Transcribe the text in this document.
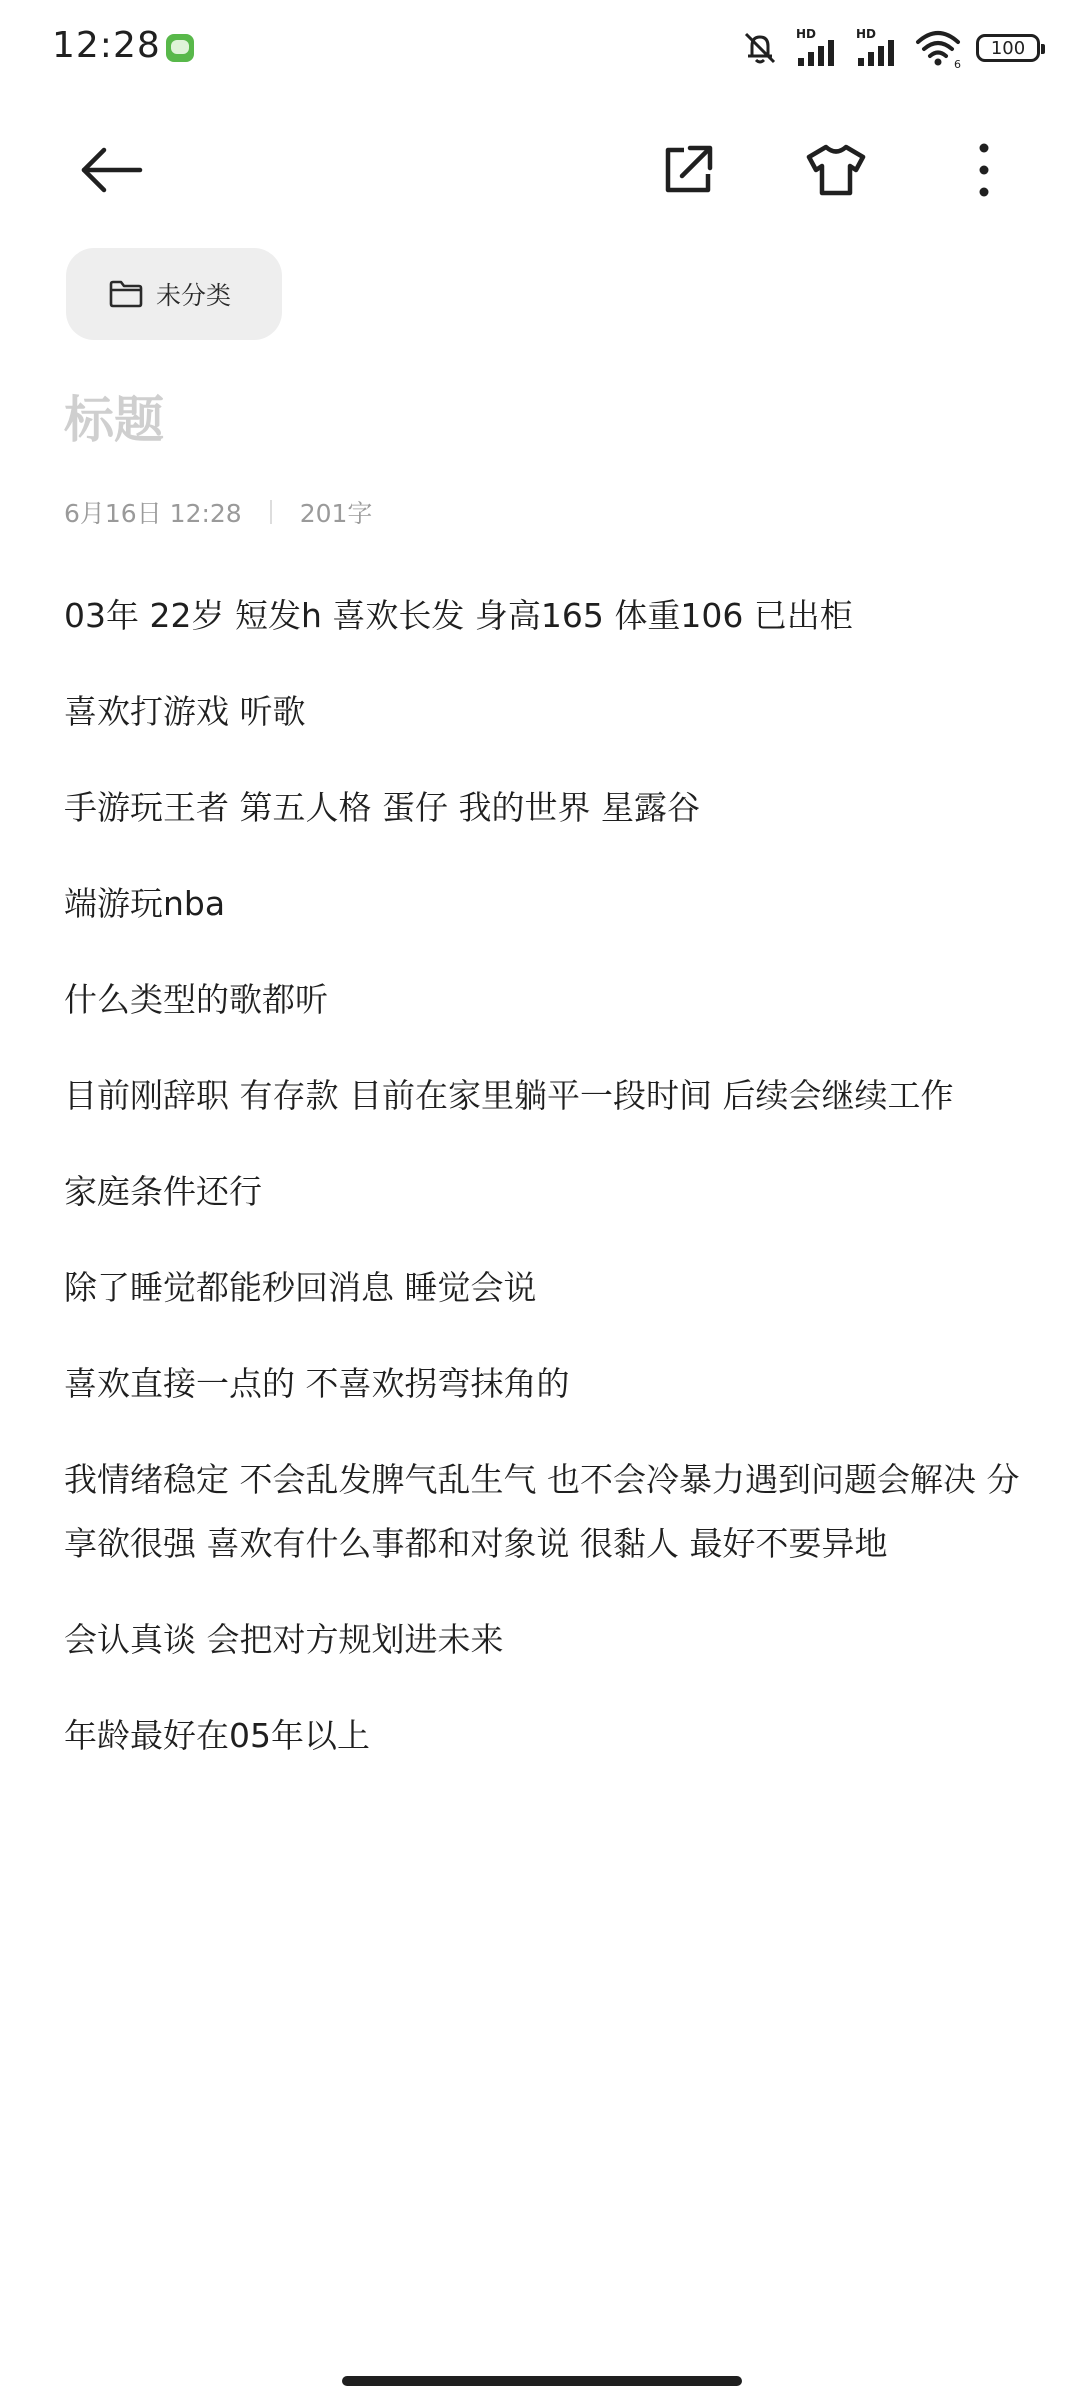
12:28	HD	HD
6
100
未分类
标题
6月16日 12:28 201字
03年 22岁 短发h 喜欢长发 身高165 体重106 已出柜
喜欢打游戏 听歌
手游玩王者 第五人格 蛋仔 我的世界 星露谷
端游玩nba
什么类型的歌都听
目前刚辞职 有存款 目前在家里躺平一段时间 后续会继续工作
家庭条件还行
除了睡觉都能秒回消息 睡觉会说
喜欢直接一点的 不喜欢拐弯抹角的
我情绪稳定 不会乱发脾气乱生气 也不会冷暴力遇到问题会解决 分享欲很强 喜欢有什么事都和对象说 很黏人 最好不要异地
会认真谈 会把对方规划进未来
年龄最好在05年以上
